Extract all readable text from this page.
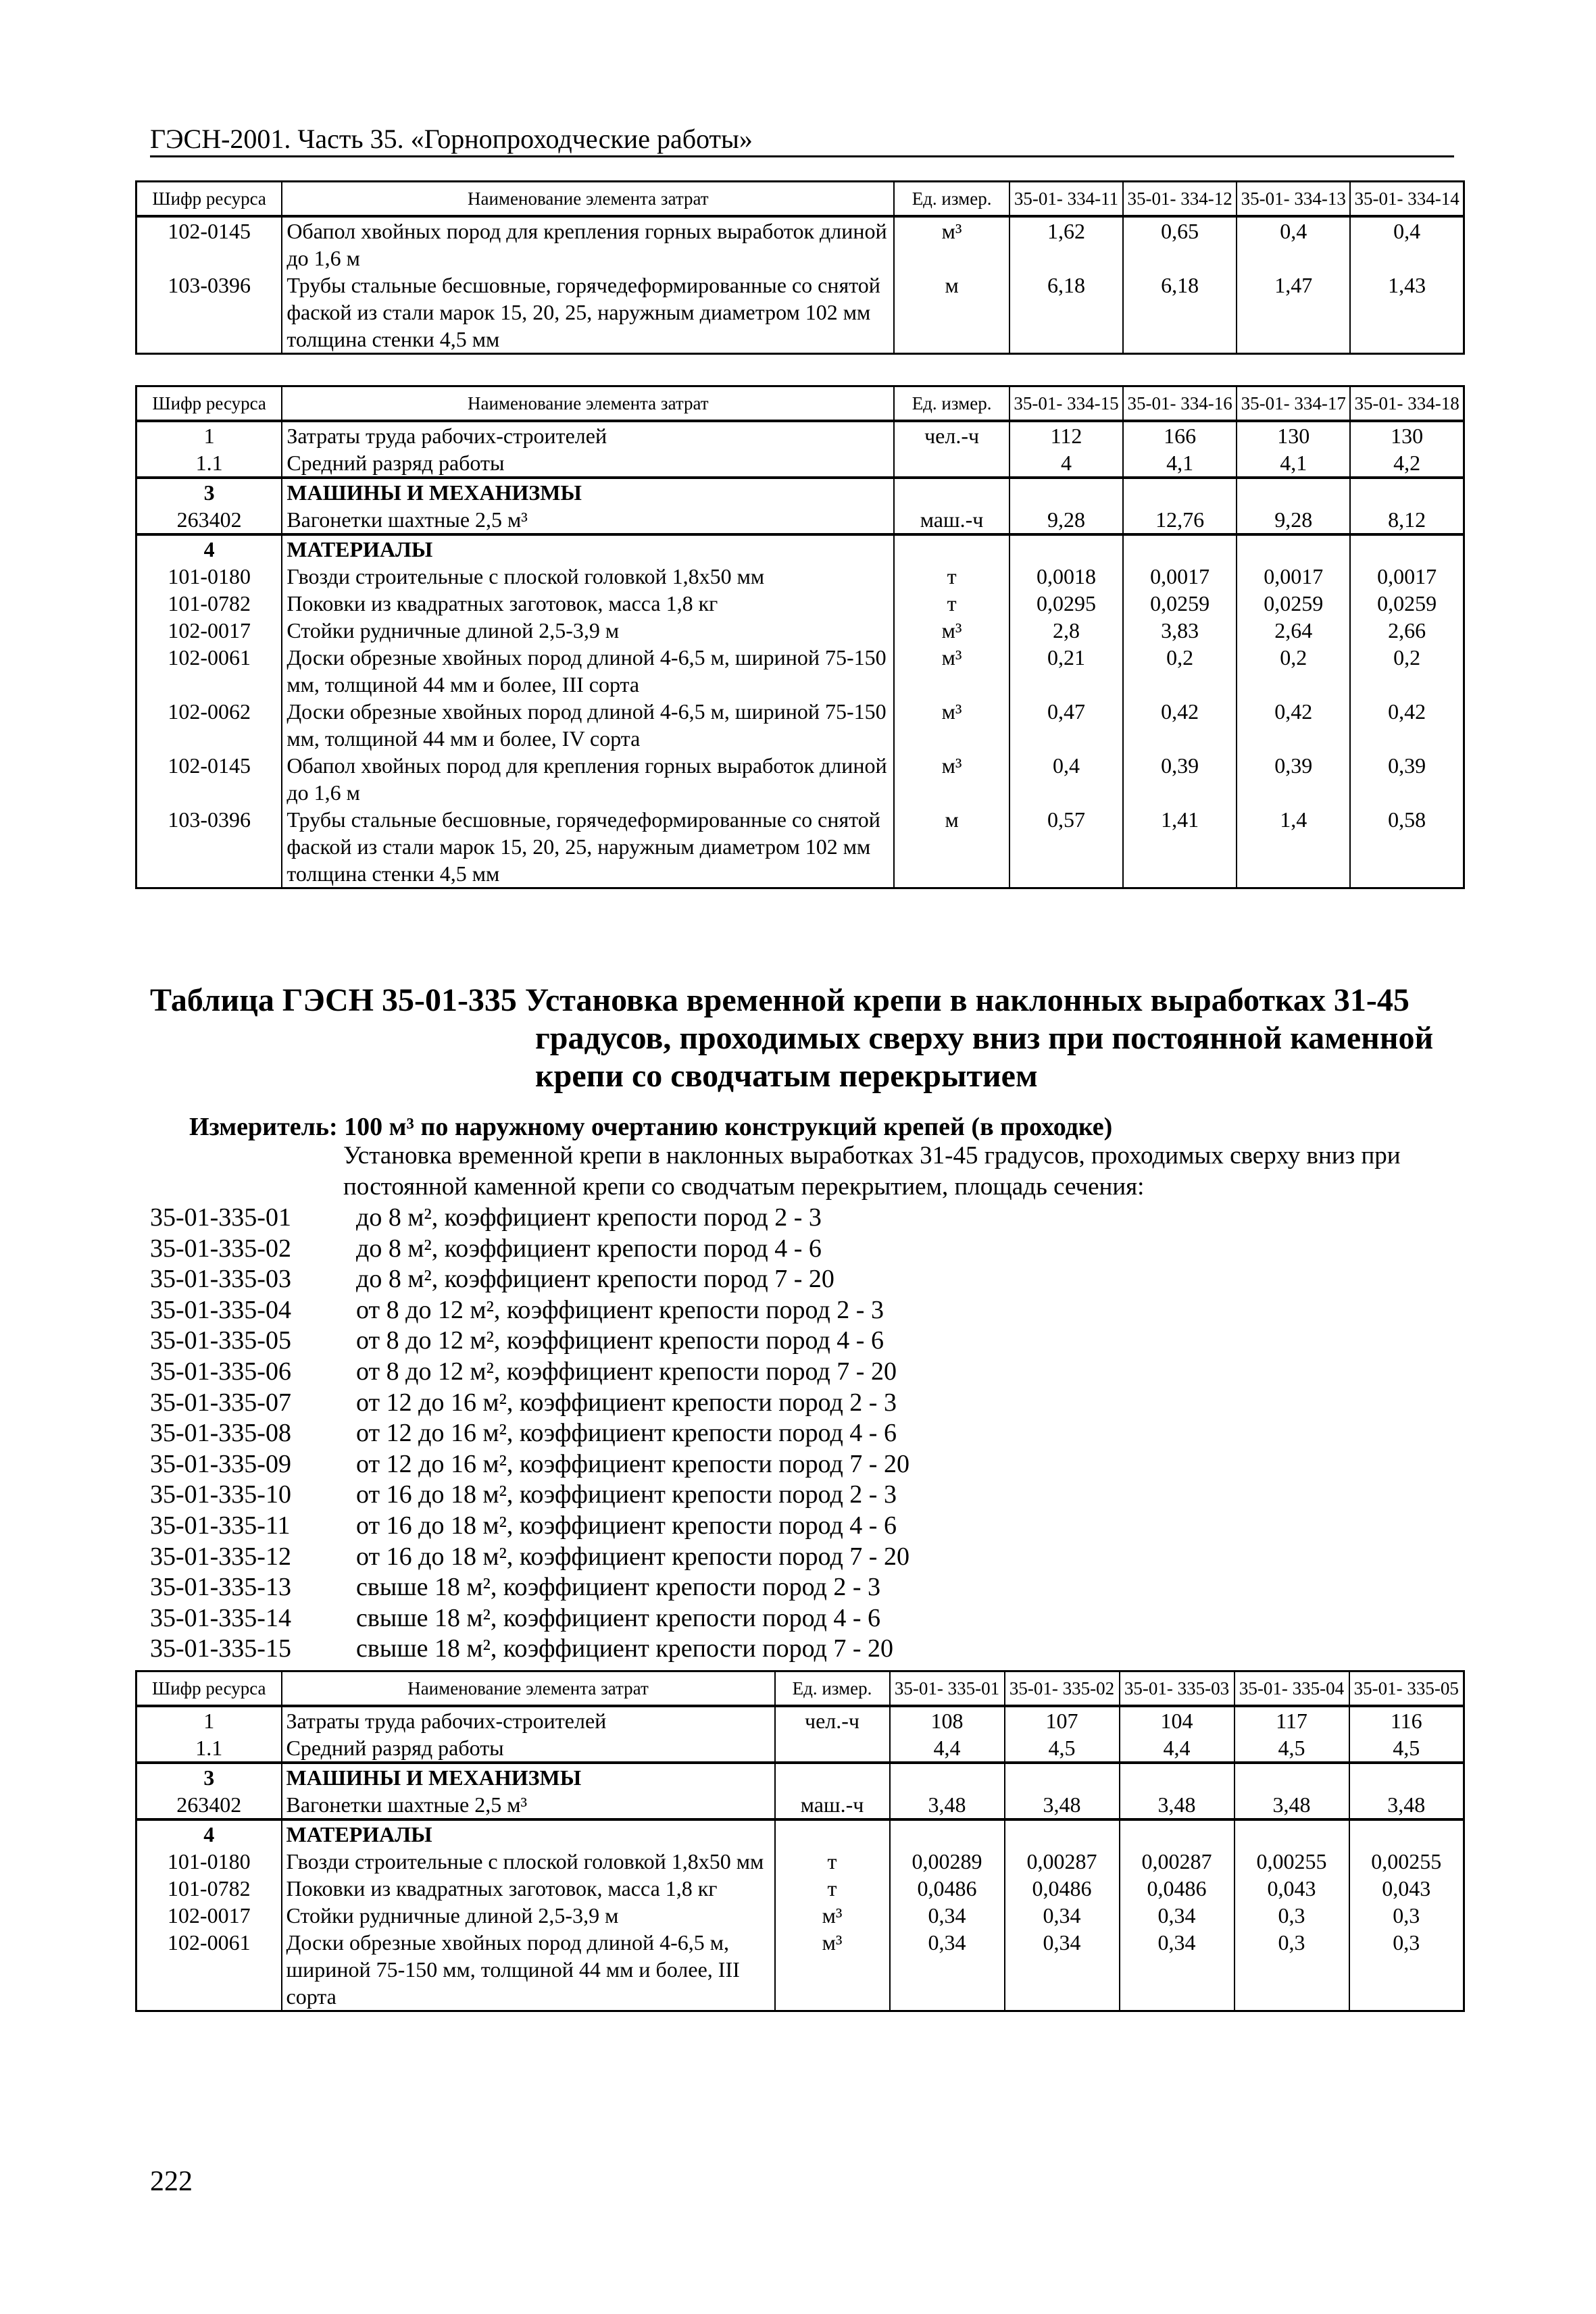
ГЭСН-2001. Часть 35. «Горнопроходческие работы»
Шифр ресурса	Наименование элемента затрат	Ед. измер.	35-01- 334-11	35-01- 334-12	35-01- 334-13	35-01- 334-14
102-0145	Обапол хвойных пород для крепления горных выработок длиной до 1,6 м	м³	1,62	0,65	0,4	0,4
103-0396	Трубы стальные бесшовные, горячедеформированные со снятой фаской из стали марок 15, 20, 25, наружным диаметром 102 мм толщина стенки 4,5 мм	м	6,18	6,18	1,47	1,43
Шифр ресурса	Наименование элемента затрат	Ед. измер.	35-01- 334-15	35-01- 334-16	35-01- 334-17	35-01- 334-18
1	Затраты труда рабочих-строителей	чел.-ч	112	166	130	130
1.1	Средний разряд работы		4	4,1	4,1	4,2
3	МАШИНЫ И МЕХАНИЗМЫ					
263402	Вагонетки шахтные 2,5 м³	маш.-ч	9,28	12,76	9,28	8,12
4	МАТЕРИАЛЫ					
101-0180	Гвозди строительные с плоской головкой 1,8х50 мм	т	0,0018	0,0017	0,0017	0,0017
101-0782	Поковки из квадратных заготовок, масса 1,8 кг	т	0,0295	0,0259	0,0259	0,0259
102-0017	Стойки рудничные длиной 2,5-3,9 м	м³	2,8	3,83	2,64	2,66
102-0061	Доски обрезные хвойных пород длиной 4-6,5 м, шириной 75-150 мм, толщиной 44 мм и более, III сорта	м³	0,21	0,2	0,2	0,2
102-0062	Доски обрезные хвойных пород длиной 4-6,5 м, шириной 75-150 мм, толщиной 44 мм и более, IV сорта	м³	0,47	0,42	0,42	0,42
102-0145	Обапол хвойных пород для крепления горных выработок длиной до 1,6 м	м³	0,4	0,39	0,39	0,39
103-0396	Трубы стальные бесшовные, горячедеформированные со снятой фаской из стали марок 15, 20, 25, наружным диаметром 102 мм толщина стенки 4,5 мм	м	0,57	1,41	1,4	0,58
Таблица ГЭСН 35-01-335 Установка временной крепи в наклонных выработках 31-45
градусов, проходимых сверху вниз при постоянной каменной
крепи со сводчатым перекрытием
Измеритель: 100 м³ по наружному очертанию конструкций крепей (в проходке)
Установка временной крепи в наклонных выработках 31-45 градусов, проходимых сверху вниз при постоянной каменной крепи со сводчатым перекрытием, площадь сечения:
35-01-335-01	до 8 м², коэффициент крепости пород 2 - 3
35-01-335-02	до 8 м², коэффициент крепости пород 4 - 6
35-01-335-03	до 8 м², коэффициент крепости пород 7 - 20
35-01-335-04	от 8 до 12 м², коэффициент крепости пород 2 - 3
35-01-335-05	от 8 до 12 м², коэффициент крепости пород 4 - 6
35-01-335-06	от 8 до 12 м², коэффициент крепости пород 7 - 20
35-01-335-07	от 12 до 16 м², коэффициент крепости пород 2 - 3
35-01-335-08	от 12 до 16 м², коэффициент крепости пород 4 - 6
35-01-335-09	от 12 до 16 м², коэффициент крепости пород 7 - 20
35-01-335-10	от 16 до 18 м², коэффициент крепости пород 2 - 3
35-01-335-11	от 16 до 18 м², коэффициент крепости пород 4 - 6
35-01-335-12	от 16 до 18 м², коэффициент крепости пород 7 - 20
35-01-335-13	свыше 18 м², коэффициент крепости пород 2 - 3
35-01-335-14	свыше 18 м², коэффициент крепости пород 4 - 6
35-01-335-15	свыше 18 м², коэффициент крепости пород 7 - 20
Шифр ресурса	Наименование элемента затрат	Ед. измер.	35-01- 335-01	35-01- 335-02	35-01- 335-03	35-01- 335-04	35-01- 335-05
1	Затраты труда рабочих-строителей	чел.-ч	108	107	104	117	116
1.1	Средний разряд работы		4,4	4,5	4,4	4,5	4,5
3	МАШИНЫ И МЕХАНИЗМЫ						
263402	Вагонетки шахтные 2,5 м³	маш.-ч	3,48	3,48	3,48	3,48	3,48
4	МАТЕРИАЛЫ						
101-0180	Гвозди строительные с плоской головкой 1,8х50 мм	т	0,00289	0,00287	0,00287	0,00255	0,00255
101-0782	Поковки из квадратных заготовок, масса 1,8 кг	т	0,0486	0,0486	0,0486	0,043	0,043
102-0017	Стойки рудничные длиной 2,5-3,9 м	м³	0,34	0,34	0,34	0,3	0,3
102-0061	Доски обрезные хвойных пород длиной 4-6,5 м, шириной 75-150 мм, толщиной 44 мм и более, III сорта	м³	0,34	0,34	0,34	0,3	0,3
222
